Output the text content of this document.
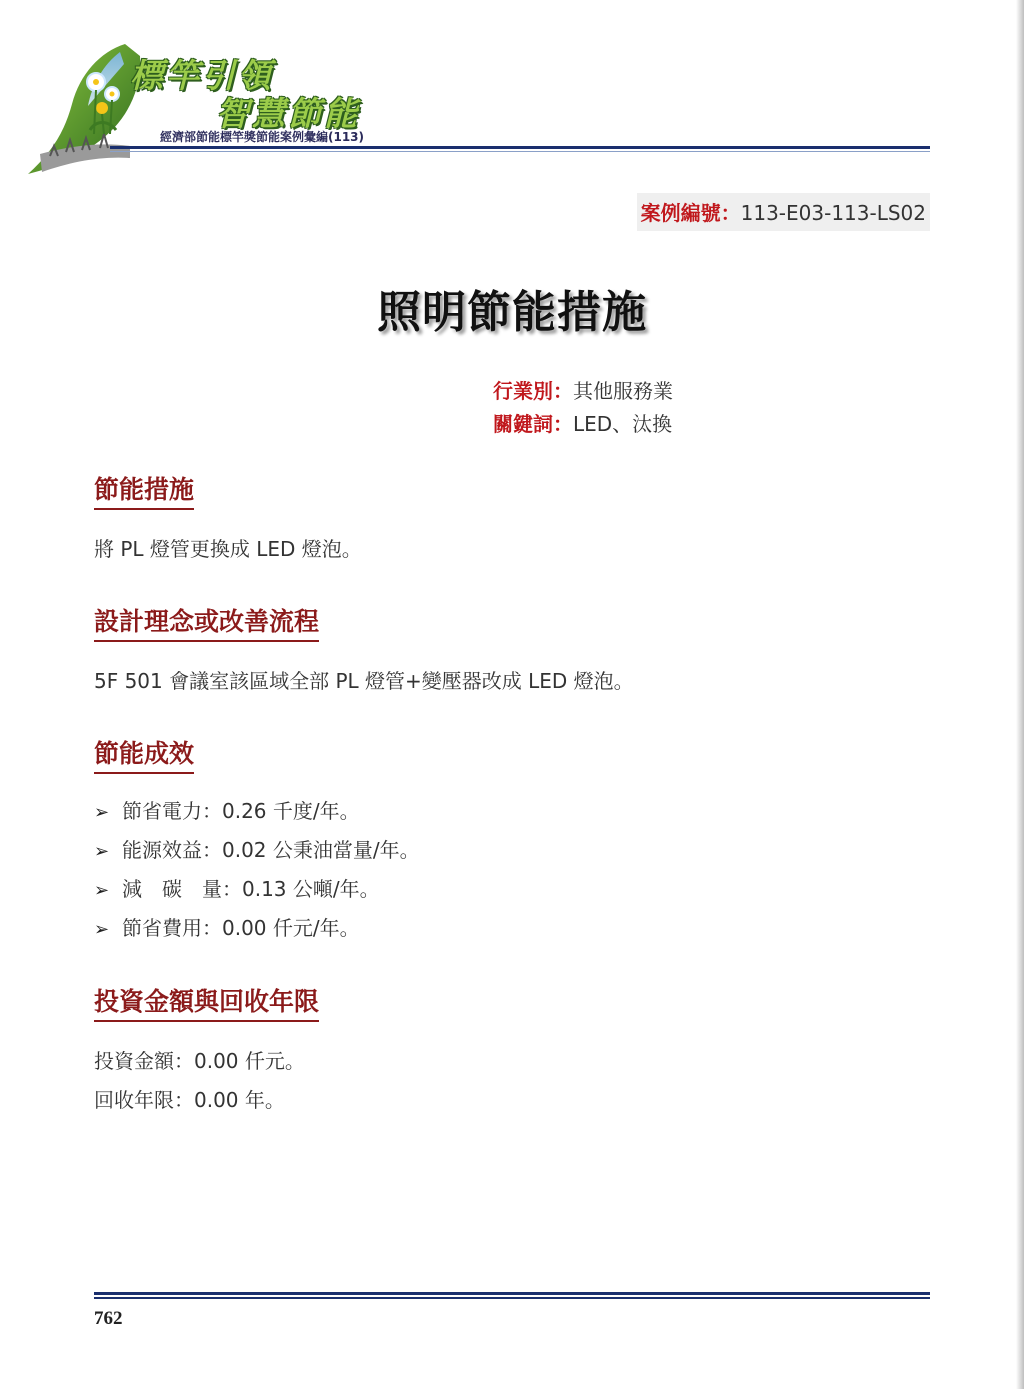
標竿引領
智慧節能
經濟部節能標竿獎節能案例彙編(113)
案例編號：113-E03-113-LS02
照明節能措施
行業別：其他服務業
關鍵詞：LED、汰換
節能措施
將 PL 燈管更換成 LED 燈泡。
設計理念或改善流程
5F 501 會議室該區域全部 PL 燈管+變壓器改成 LED 燈泡。
節能成效
➢ 節省電力：0.26 千度/年。
➢ 能源效益：0.02 公秉油當量/年。
➢ 減　碳　量：0.13 公噸/年。
➢ 節省費用：0.00 仟元/年。
投資金額與回收年限
投資金額：0.00 仟元。
回收年限：0.00 年。
762
